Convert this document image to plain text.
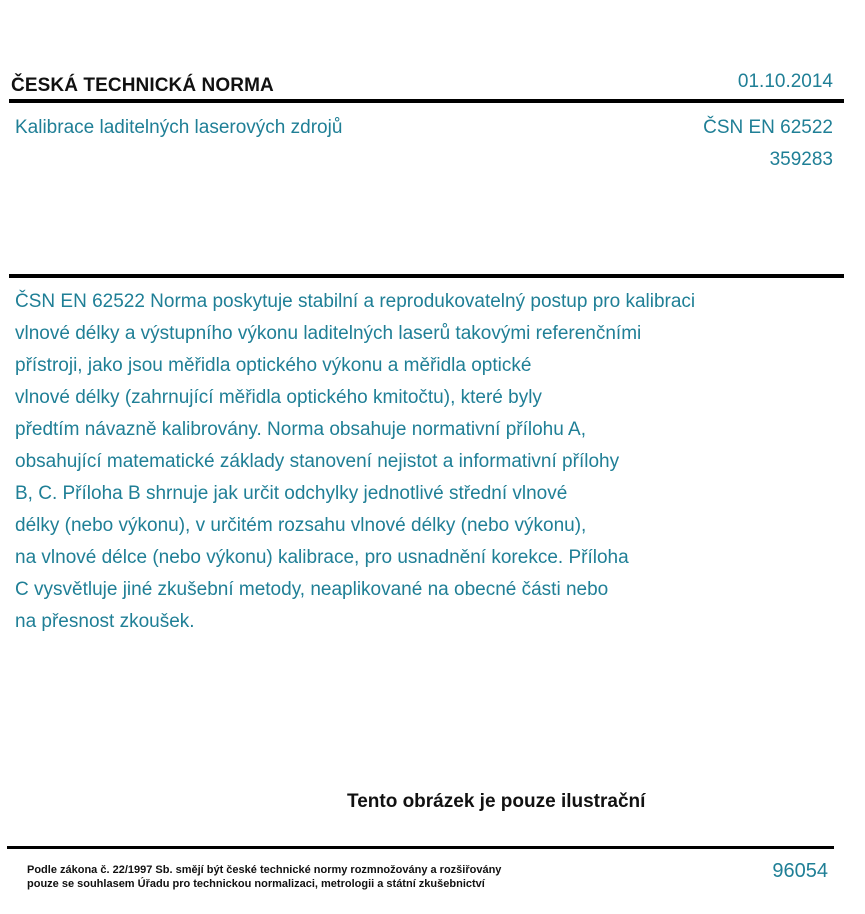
ČESKÁ TECHNICKÁ NORMA	01.10.2014
Kalibrace laditelných laserových zdrojů	ČSN EN 62522
359283

ČSN EN 62522 Norma poskytuje stabilní a reprodukovatelný postup pro kalibraci
vlnové délky a výstupního výkonu laditelných laserů takovými referenčními
přístroji, jako jsou měřidla optického výkonu a měřidla optické
vlnové délky (zahrnující měřidla optického kmitočtu), které byly
předtím návazně kalibrovány. Norma obsahuje normativní přílohu A,
obsahující matematické základy stanovení nejistot a informativní přílohy
B, C. Příloha B shrnuje jak určit odchylky jednotlivé střední vlnové
délky (nebo výkonu), v určitém rozsahu vlnové délky (nebo výkonu),
na vlnové délce (nebo výkonu) kalibrace, pro usnadnění korekce. Příloha
C vysvětluje jiné zkušební metody, neaplikované na obecné části nebo
na přesnost zkoušek.

Tento obrázek je pouze ilustrační
Podle zákona č. 22/1997 Sb. smějí být české technické normy rozmnožovány a rozšiřovány
pouze se souhlasem Úřadu pro technickou normalizaci, metrologii a státní zkušebnictví
96054
